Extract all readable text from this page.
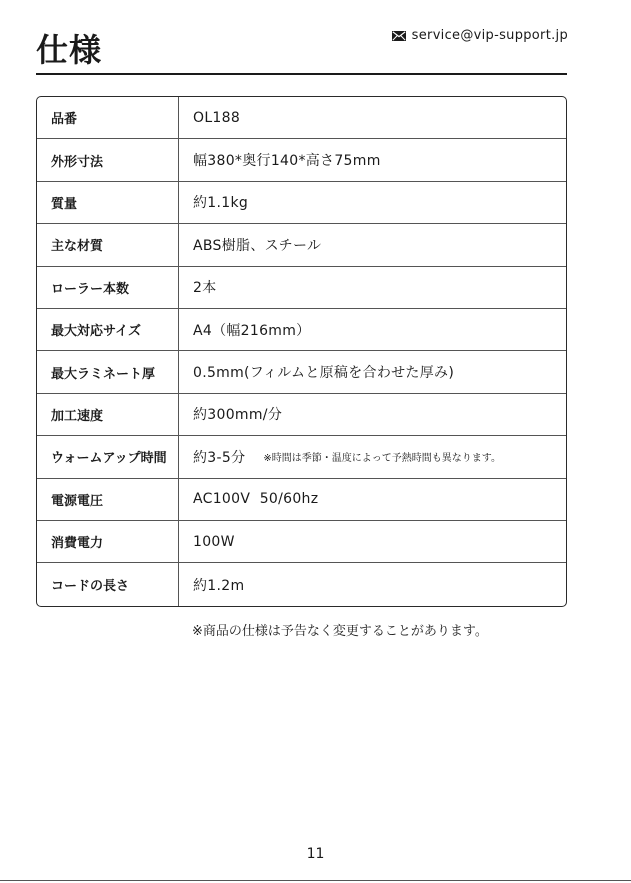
仕様	service@vip-support.jp
品番	OL188
外形寸法	幅380*奥行140*高さ75mm
質量	約1.1kg
主な材質	ABS樹脂、スチール
ローラー本数	2本
最大対応サイズ	A4（幅216mm）
最大ラミネート厚	0.5mm(フィルムと原稿を合わせた厚み)
加工速度	約300mm/分
ウォームアップ時間	約3-5分 ※時間は季節・温度によって予熱時間も異なります。
電源電圧	AC100V  50/60hz
消費電力	100W
コードの長さ	約1.2m
※商品の仕様は予告なく変更することがあります。
11
